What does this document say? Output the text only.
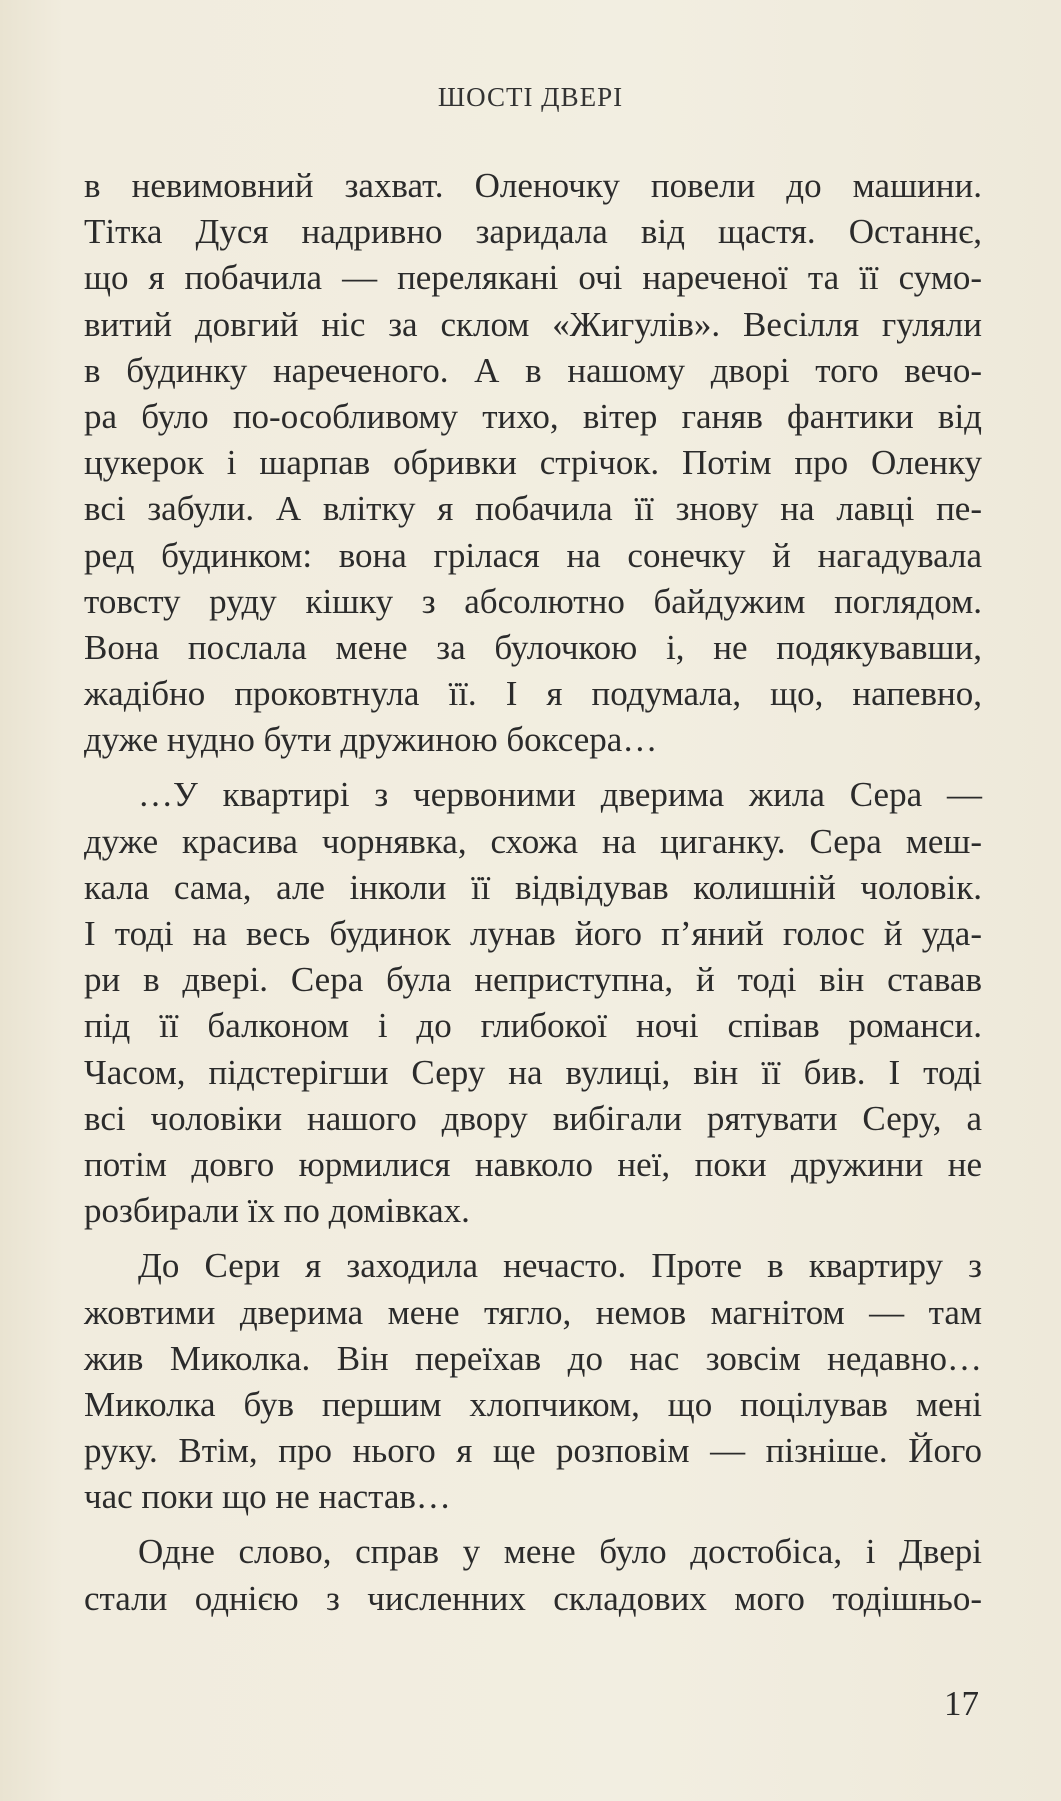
ШОСТІ ДВЕРІ
в невимовний захват. Оленочку повели до машини.
Тітка Дуся надривно заридала від щастя. Останнє,
що я побачила — перелякані очі нареченої та її сумо-
витий довгий ніс за склом «Жигулів». Весілля гуляли
в будинку нареченого. А в нашому дворі того вечо-
ра було по-особливому тихо, вітер ганяв фантики від
цукерок і шарпав обривки стрічок. Потім про Оленку
всі забули. А влітку я побачила її знову на лавці пе-
ред будинком: вона грілася на сонечку й нагадувала
товсту руду кішку з абсолютно байдужим поглядом.
Вона послала мене за булочкою і, не подякувавши,
жадібно проковтнула її. І я подумала, що, напевно,
дуже нудно бути дружиною боксера…
…У квартирі з червоними дверима жила Сера —
дуже красива чорнявка, схожа на циганку. Сера меш-
кала сама, але інколи її відвідував колишній чоловік.
І тоді на весь будинок лунав його п’яний голос й уда-
ри в двері. Сера була неприступна, й тоді він ставав
під її балконом і до глибокої ночі співав романси.
Часом, підстерігши Серу на вулиці, він її бив. І тоді
всі чоловіки нашого двору вибігали рятувати Серу, а
потім довго юрмилися навколо неї, поки дружини не
розбирали їх по домівках.
До Сери я заходила нечасто. Проте в квартиру з
жовтими дверима мене тягло, немов магнітом — там
жив Миколка. Він переїхав до нас зовсім недавно…
Миколка був першим хлопчиком, що поцілував мені
руку. Втім, про нього я ще розповім — пізніше. Його
час поки що не настав…
Одне слово, справ у мене було достобіса, і Двері
стали однією з численних складових мого тодішньо-
17
